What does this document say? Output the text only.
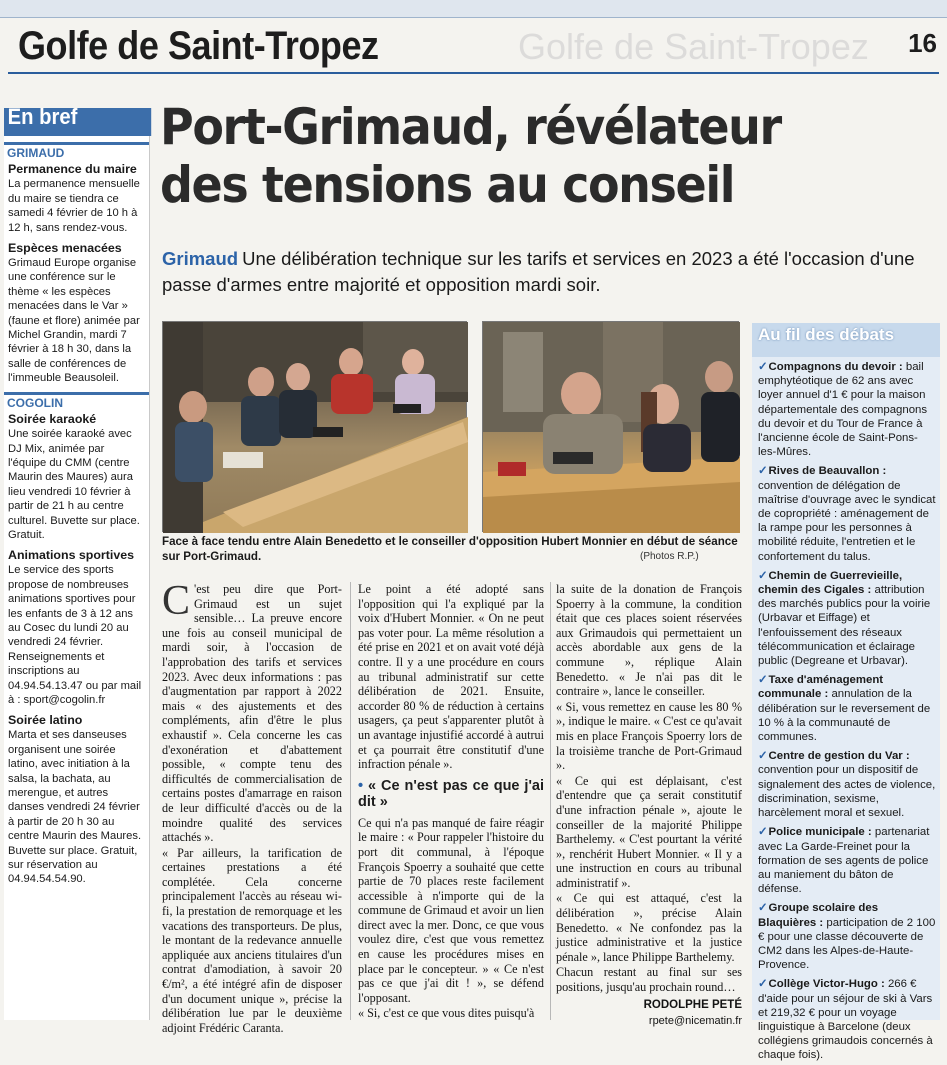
Golfe de Saint-Tropez	Golfe de Saint-Tropez 16
En bref
GRIMAUD
Permanence du maire
La permanence mensuelle du maire se tiendra ce samedi 4 février de 10 h à 12 h, sans rendez-vous.
Espèces menacées
Grimaud Europe organise une conférence sur le thème « les espèces menacées dans le Var » (faune et flore) animée par Michel Grandin, mardi 7 février à 18 h 30, dans la salle de conférences de l'immeuble Beausoleil.
COGOLIN
Soirée karaoké
Une soirée karaoké avec DJ Mix, animée par l'équipe du CMM (centre Maurin des Maures) aura lieu vendredi 10 février à partir de 21 h au centre culturel. Buvette sur place. Gratuit.
Animations sportives
Le service des sports propose de nombreuses animations sportives pour les enfants de 3 à 12 ans au Cosec du lundi 20 au vendredi 24 février. Renseignements et inscriptions au 04.94.54.13.47 ou par mail à : sport@cogolin.fr
Soirée latino
Marta et ses danseuses organisent une soirée latino, avec initiation à la salsa, la bachata, au merengue, et autres danses vendredi 24 février à partir de 20 h 30 au centre Maurin des Maures. Buvette sur place. Gratuit, sur réservation au 04.94.54.54.90.
Port-Grimaud, révélateur
des tensions au conseil
Grimaud Une délibération technique sur les tarifs et services en 2023 a été l'occasion d'une passe d'armes entre majorité et opposition mardi soir.
Face à face tendu entre Alain Benedetto et le conseiller d'opposition Hubert Monnier en début de séance sur Port-Grimaud.	(Photos R.P.)
C 'est peu dire que Port-Grimaud est un sujet sensible… La preuve encore une fois au conseil municipal de mardi soir, à l'occasion de l'approbation des tarifs et services 2023. Avec deux informations : pas d'augmentation par rapport à 2022 mais « des ajustements et des compléments, afin d'être le plus exhaustif ». Cela concerne les cas d'exonération et d'abattement possible, « compte tenu des difficultés de commercialisation de certains postes d'amarrage en raison de leur difficulté d'accès ou de la moindre qualité des services attachés ».

« Par ailleurs, la tarification de certaines prestations a été complétée. Cela concerne principalement l'accès au réseau wi-fi, la prestation de remorquage et les vacations des transporteurs. De plus, le montant de la redevance annuelle appliquée aux anciens titulaires d'un contrat d'amodiation, à savoir 20 €/m², a été intégré afin de disposer d'un document unique », précise la délibération lue par le deuxième adjoint Frédéric Caranta.

Le point a été adopté sans l'opposition qui l'a expliqué par la voix d'Hubert Monnier. « On ne peut pas voter pour. La même résolution a été prise en 2021 et on avait voté déjà contre. Il y a une procédure en cours au tribunal administratif sur cette délibération de 2021. Ensuite, accorder 80 % de réduction à certains usagers, ça peut s'apparenter plutôt à un avantage injustifié accordé à autrui et ça pourrait être constitutif d'une infraction pénale ».

• « Ce n'est pas ce que j'ai dit »

Ce qui n'a pas manqué de faire réagir le maire : « Pour rappeler l'histoire du port dit communal, à l'époque François Spoerry a souhaité que cette partie de 70 places reste facilement accessible à n'importe qui de la commune de Grimaud et avoir un lien direct avec la mer. Donc, ce que vous voulez dire, c'est que vous remettez en cause les procédures mises en place par le concepteur. » « Ce n'est pas ce que j'ai dit ! », se défend l'opposant.

« Si, c'est ce que vous dites puisqu'à

la suite de la donation de François Spoerry à la commune, la condition était que ces places soient réservées aux Grimaudois qui permettaient un accès abordable aux gens de la commune », réplique Alain Benedetto. « Je n'ai pas dit le contraire », lance le conseiller.

« Si, vous remettez en cause les 80 % », indique le maire. « C'est ce qu'avait mis en place François Spoerry lors de la troisième tranche de Port-Grimaud ».

« Ce qui est déplaisant, c'est d'entendre que ça serait constitutif d'une infraction pénale », ajoute le conseiller de la majorité Philippe Barthelemy. « C'est pourtant la vérité », renchérit Hubert Monnier. « Il y a une instruction en cours au tribunal administratif ».

« Ce qui est attaqué, c'est la délibération », précise Alain Benedetto. « Ne confondez pas la justice administrative et la justice pénale », lance Philippe Barthelemy.

Chacun restant au final sur ses positions, jusqu'au prochain round…

RODOLPHE PETÉ
rpete@nicematin.fr
Au fil des débats
✓Compagnons du devoir : bail emphytéotique de 62 ans avec loyer annuel d'1 € pour la maison départementale des compagnons du devoir et du Tour de France à l'ancienne école de Saint-Pons-les-Mûres.
✓Rives de Beauvallon : convention de délégation de maîtrise d'ouvrage avec le syndicat de copropriété : aménagement de la rampe pour les personnes à mobilité réduite, l'entretien et le confortement du talus.
✓Chemin de Guerrevieille, chemin des Cigales : attribution des marchés publics pour la voirie (Urbavar et Eiffage) et l'enfouissement des réseaux télécommunication et éclairage public (Degreane et Urbavar).
✓Taxe d'aménagement communale : annulation de la délibération sur le reversement de 10 % à la communauté de communes.
✓Centre de gestion du Var : convention pour un dispositif de signalement des actes de violence, discrimination, sexisme, harcèlement moral et sexuel.
✓Police municipale : partenariat avec La Garde-Freinet pour la formation de ses agents de police au maniement du bâton de défense.
✓Groupe scolaire des Blaquières : participation de 2 100 € pour une classe découverte de CM2 dans les Alpes-de-Haute-Provence.
✓Collège Victor-Hugo : 266 € d'aide pour un séjour de ski à Vars et 219,32 € pour un voyage linguistique à Barcelone (deux collégiens grimaudois concernés à chaque fois).
